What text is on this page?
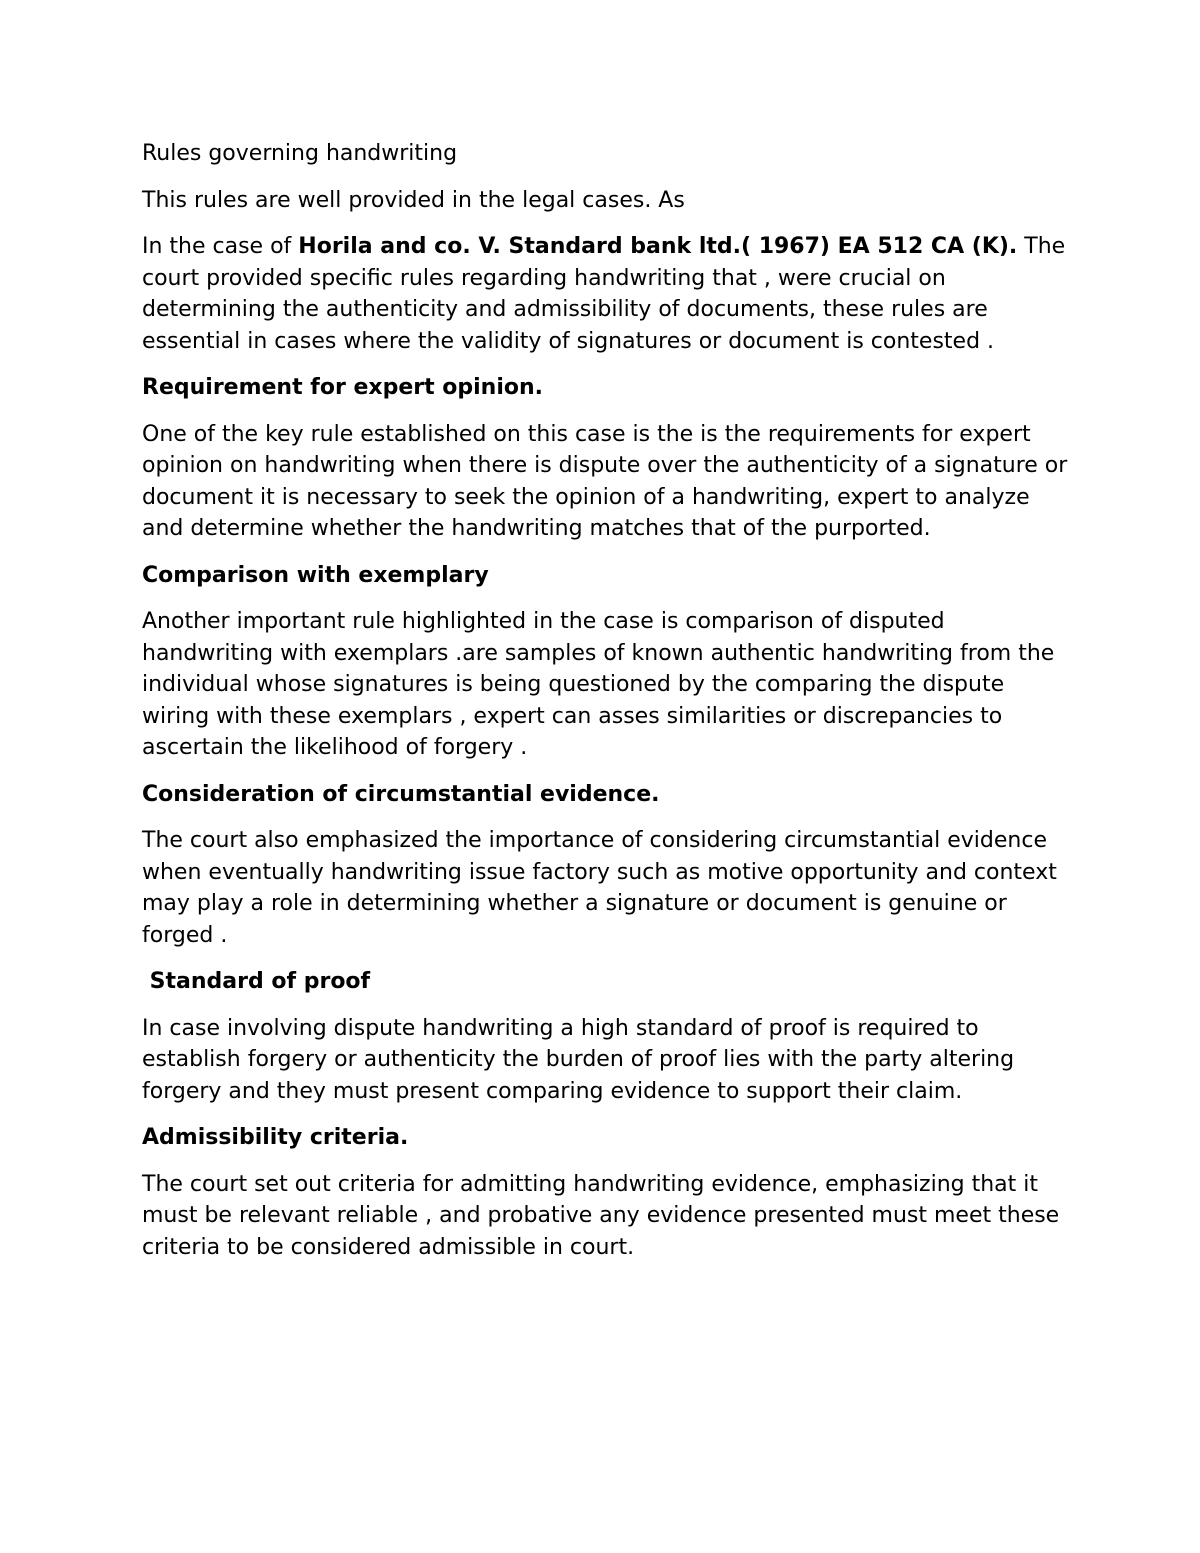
Rules governing handwriting

This rules are well provided in the legal cases. As

In the case of Horila and co. V. Standard bank ltd.( 1967) EA 512 CA (K). The court provided specific rules regarding handwriting that , were crucial on determining the authenticity and admissibility of documents, these rules are essential in cases where the validity of signatures or document is contested .

Requirement for expert opinion.

One of the key rule established on this case is the is the requirements for expert opinion on handwriting when there is dispute over the authenticity of a signature or document it is necessary to seek the opinion of a handwriting, expert to analyze and determine whether the handwriting matches that of the purported.

Comparison with exemplary

Another important rule highlighted in the case is comparison of disputed handwriting with exemplars .are samples of known authentic handwriting from the individual whose signatures is being questioned by the comparing the dispute wiring with these exemplars , expert can asses similarities or discrepancies to ascertain the likelihood of forgery .

Consideration of circumstantial evidence.

The court also emphasized the importance of considering circumstantial evidence when eventually handwriting issue factory such as motive opportunity and context may play a role in determining whether a signature or document is genuine or forged .

Standard of proof

In case involving dispute handwriting a high standard of proof is required to establish forgery or authenticity the burden of proof lies with the party altering forgery and they must present comparing evidence to support their claim.

Admissibility criteria.

The court set out criteria for admitting handwriting evidence, emphasizing that it must be relevant reliable , and probative any evidence presented must meet these criteria to be considered admissible in court.
